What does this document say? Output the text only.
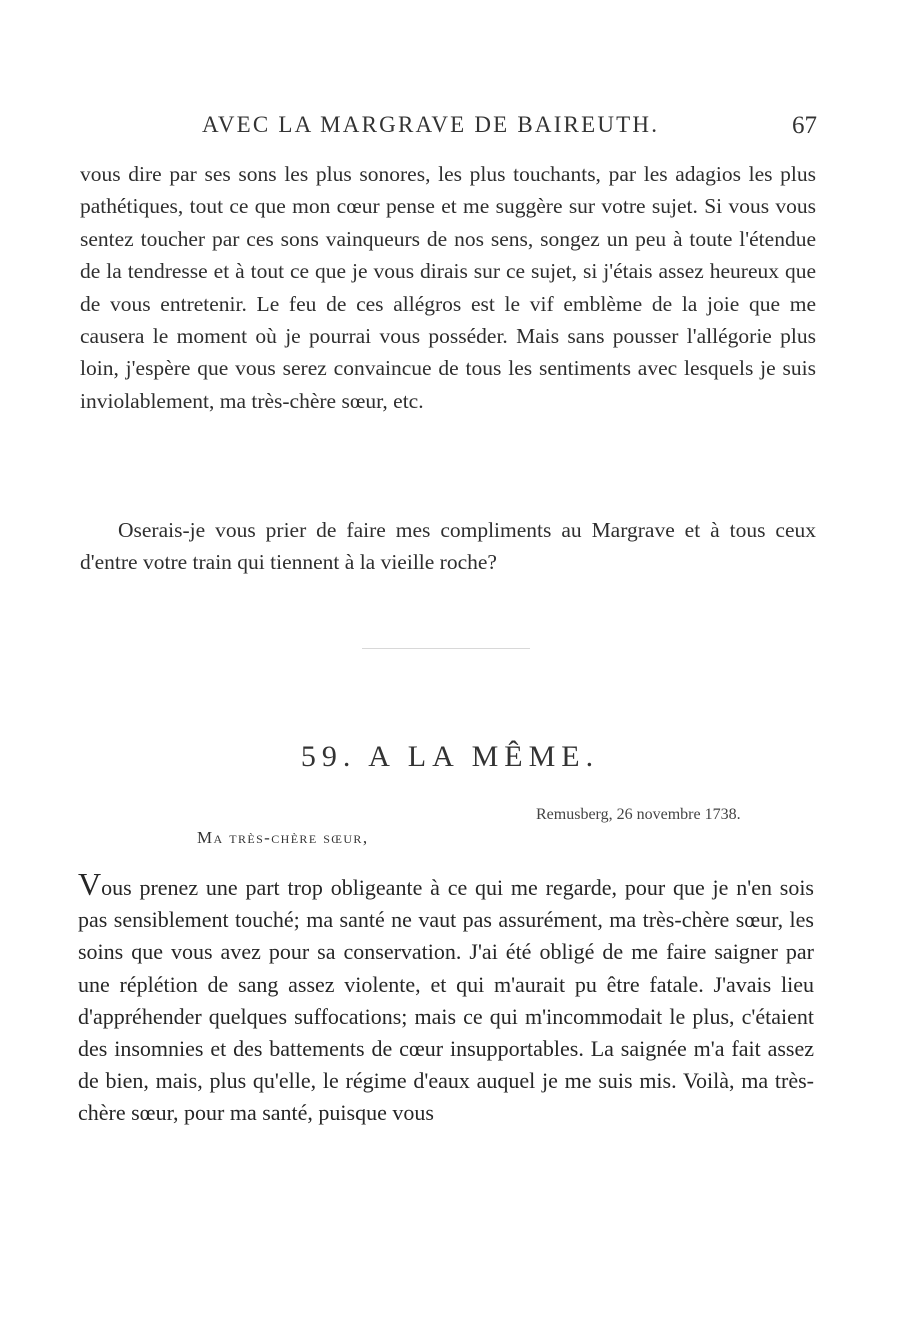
AVEC LA MARGRAVE DE BAIREUTH.	67

vous dire par ses sons les plus sonores, les plus touchants, par les adagios les plus pathétiques, tout ce que mon cœur pense et me suggère sur votre sujet. Si vous vous sentez toucher par ces sons vainqueurs de nos sens, songez un peu à toute l'étendue de la tendresse et à tout ce que je vous dirais sur ce sujet, si j'étais assez heureux que de vous entretenir. Le feu de ces allégros est le vif emblème de la joie que me causera le moment où je pourrai vous posséder. Mais sans pousser l'allégorie plus loin, j'espère que vous serez convaincue de tous les sentiments avec lesquels je suis inviolablement, ma très-chère sœur, etc.

Oserais-je vous prier de faire mes compliments au Margrave et à tous ceux d'entre votre train qui tiennent à la vieille roche?

59. A LA MÊME.
Remusberg, 26 novembre 1738.
Ma très-chère sœur,

Vous prenez une part trop obligeante à ce qui me regarde, pour que je n'en sois pas sensiblement touché; ma santé ne vaut pas assurément, ma très-chère sœur, les soins que vous avez pour sa conservation. J'ai été obligé de me faire saigner par une réplétion de sang assez violente, et qui m'aurait pu être fatale. J'avais lieu d'appréhender quelques suffocations; mais ce qui m'incommodait le plus, c'étaient des insomnies et des battements de cœur insupportables. La saignée m'a fait assez de bien, mais, plus qu'elle, le régime d'eaux auquel je me suis mis. Voilà, ma très-chère sœur, pour ma santé, puisque vous
